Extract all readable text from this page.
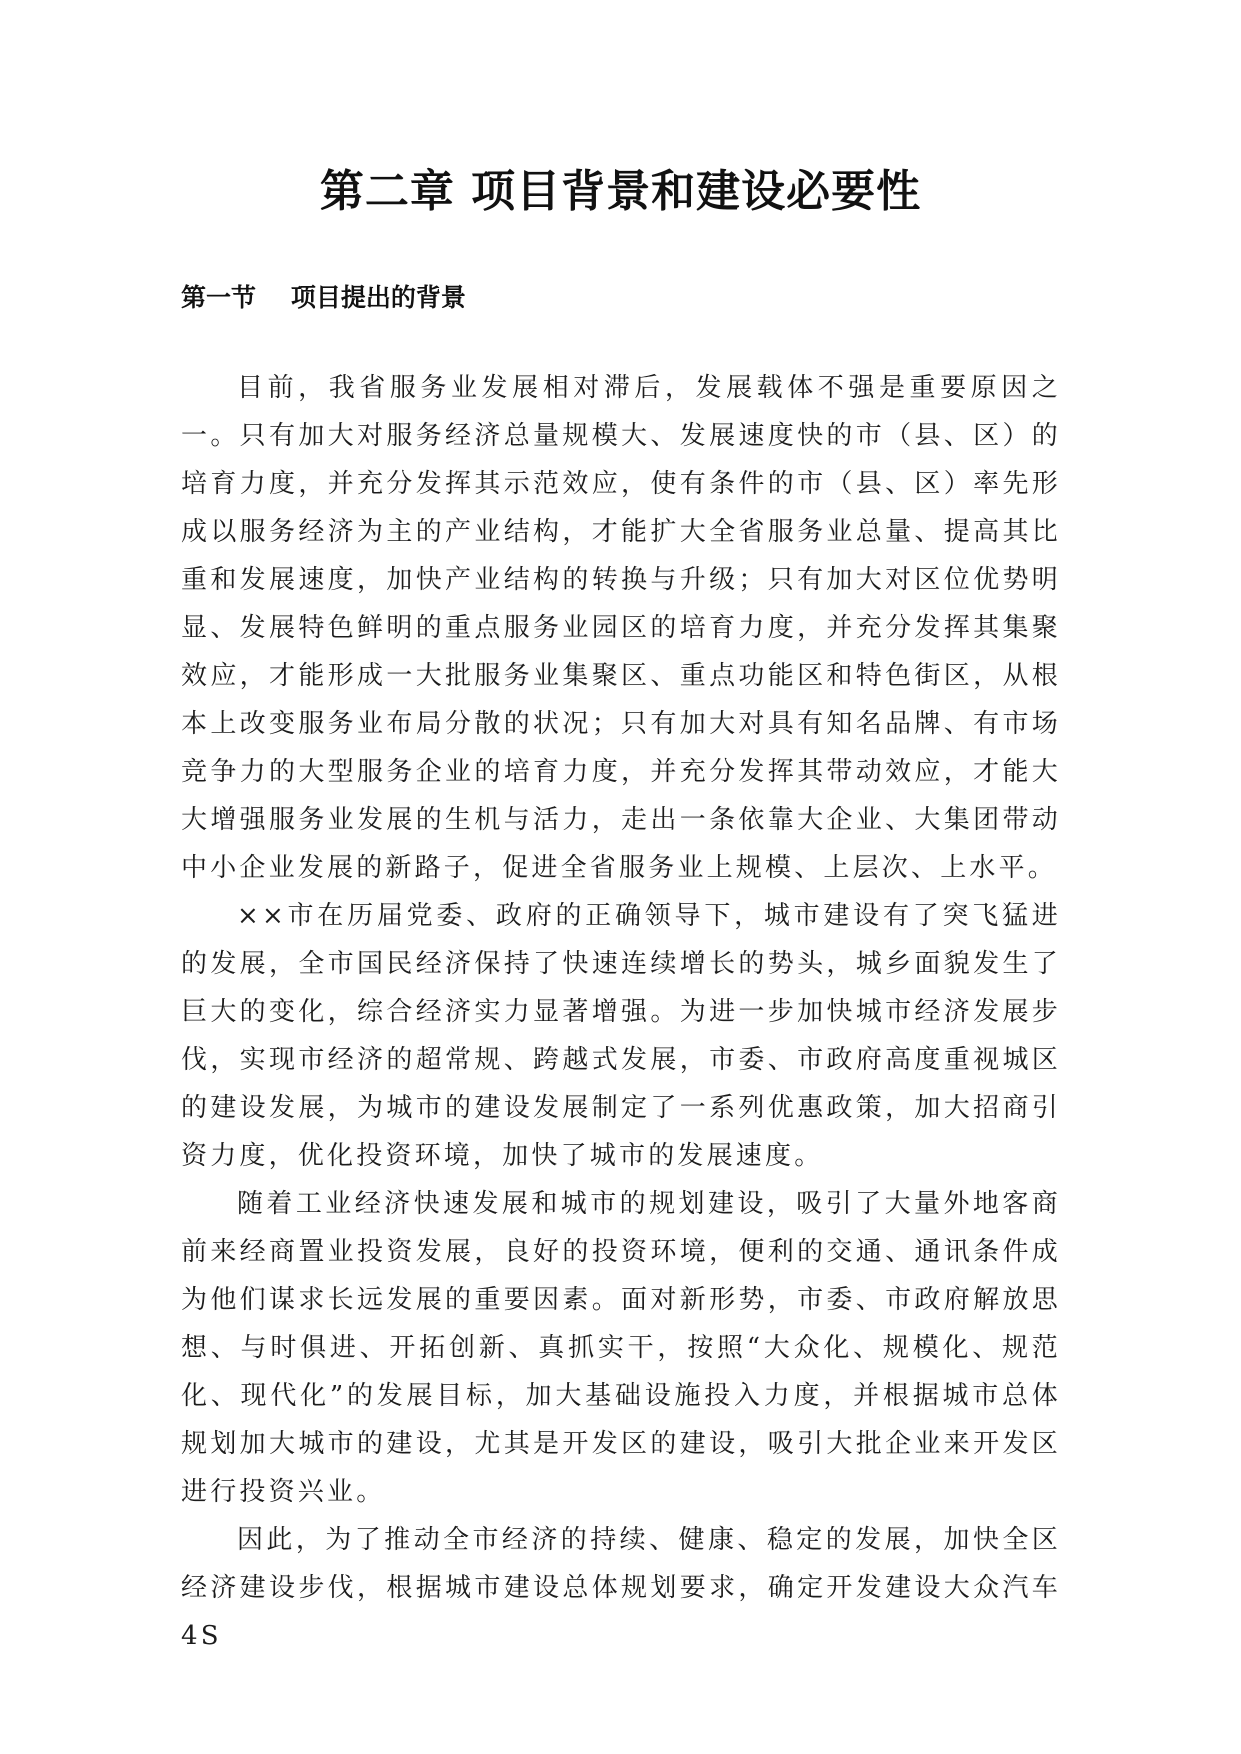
第二章 项目背景和建设必要性
第一节    项目提出的背景

目前，我省服务业发展相对滞后，发展载体不强是重要原因之一。只有加大对服务经济总量规模大、发展速度快的市（县、区）的培育力度，并充分发挥其示范效应，使有条件的市（县、区）率先形成以服务经济为主的产业结构，才能扩大全省服务业总量、提高其比重和发展速度，加快产业结构的转换与升级；只有加大对区位优势明显、发展特色鲜明的重点服务业园区的培育力度，并充分发挥其集聚效应，才能形成一大批服务业集聚区、重点功能区和特色街区，从根本上改变服务业布局分散的状况；只有加大对具有知名品牌、有市场竞争力的大型服务企业的培育力度，并充分发挥其带动效应，才能大大增强服务业发展的生机与活力，走出一条依靠大企业、大集团带动中小企业发展的新路子，促进全省服务业上规模、上层次、上水平。

××市在历届党委、政府的正确领导下，城市建设有了突飞猛进的发展，全市国民经济保持了快速连续增长的势头，城乡面貌发生了巨大的变化，综合经济实力显著增强。为进一步加快城市经济发展步伐，实现市经济的超常规、跨越式发展，市委、市政府高度重视城区的建设发展，为城市的建设发展制定了一系列优惠政策，加大招商引资力度，优化投资环境，加快了城市的发展速度。

随着工业经济快速发展和城市的规划建设，吸引了大量外地客商前来经商置业投资发展，良好的投资环境，便利的交通、通讯条件成为他们谋求长远发展的重要因素。面对新形势，市委、市政府解放思想、与时俱进、开拓创新、真抓实干，按照“大众化、规模化、规范化、现代化”的发展目标，加大基础设施投入力度，并根据城市总体规划加大城市的建设，尤其是开发区的建设，吸引大批企业来开发区进行投资兴业。

因此，为了推动全市经济的持续、健康、稳定的发展，加快全区经济建设步伐，根据城市建设总体规划要求，确定开发建设大众汽车 4S
